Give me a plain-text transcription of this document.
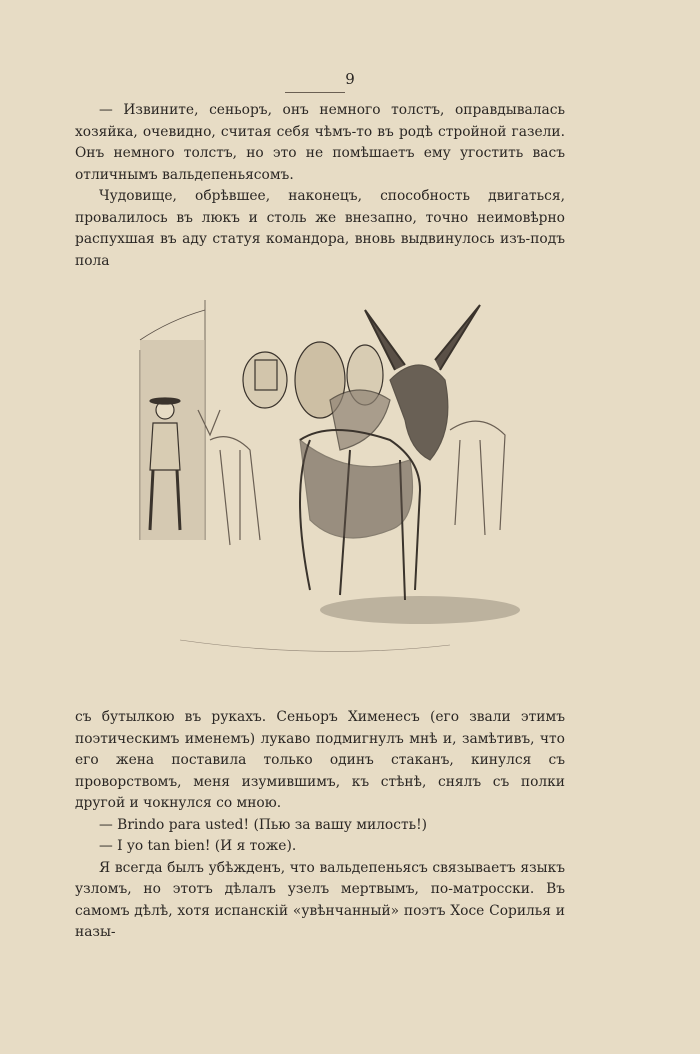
9

— Извините, сеньоръ, онъ немного толстъ, оправдывалась хозяйка, очевидно, считая себя чѣмъ-то въ родѣ стройной газели. Онъ немного толстъ, но это не помѣшаетъ ему угостить васъ отличнымъ вальдепеньясомъ.

Чудовище, обрѣвшее, наконецъ, способность двигаться, провалилось въ люкъ и столь же внезапно, точно неимовѣрно распухшая въ аду статуя командора, вновь выдвинулось изъ-подъ пола

съ бутылкою въ рукахъ. Сеньоръ Хименесъ (его звали этимъ поэтическимъ именемъ) лукаво подмигнулъ мнѣ и, замѣтивъ, что его жена поставила только одинъ стаканъ, кинулся съ проворствомъ, меня изумившимъ, къ стѣнѣ, снялъ съ полки другой и чокнулся со мною.

— Brindo para usted! (Пью за вашу милость!)

— I yo tan bien! (И я тоже).

Я всегда былъ убѣжденъ, что вальдепеньясъ связываетъ языкъ узломъ, но этотъ дѣлалъ узелъ мертвымъ, по-матросски. Въ самомъ дѣлѣ, хотя испанскій «увѣнчанный» поэтъ Хосе Сорилья и назы-
